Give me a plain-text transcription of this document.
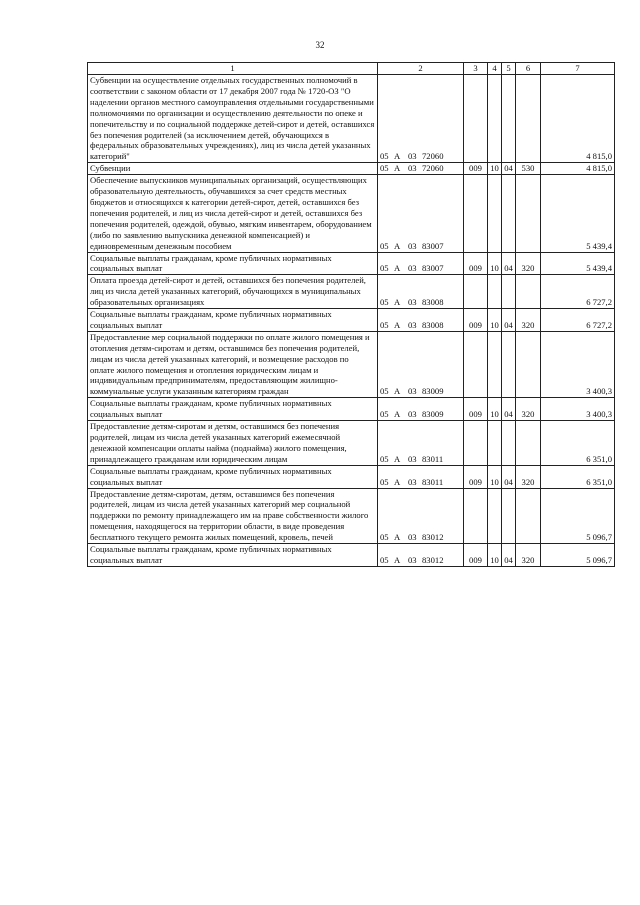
32
1	2	3	4	5	6	7
Субвенции на осуществление отдельных государственных полномочий в соответствии с законом области от 17 декабря 2007 года № 1720-ОЗ "О наделении органов местного самоуправления отдельными государственными полномочиями по организации и осуществлению деятельности по опеке и попечительству и по социальной поддержке детей-сирот и детей, оставшихся без попечения родителей (за исключением детей, обучающихся в федеральных образовательных учреждениях), лиц из числа детей указанных категорий"	05 А 03 72060					4 815,0
Субвенции	05 А 03 72060	009	10	04	530	4 815,0
Обеспечение выпускников муниципальных организаций, осуществляющих образовательную деятельность, обучавшихся за счет средств местных бюджетов и относящихся к категории детей-сирот, детей, оставшихся без попечения родителей, и лиц из числа детей-сирот и детей, оставшихся без попечения родителей, одеждой, обувью, мягким инвентарем, оборудованием (либо по заявлению выпускника денежной компенсацией) и единовременным денежным пособием	05 А 03 83007					5 439,4
Социальные выплаты гражданам, кроме публичных нормативных социальных выплат	05 А 03 83007	009	10	04	320	5 439,4
Оплата проезда детей-сирот и детей, оставшихся без попечения родителей, лиц из числа детей указанных категорий, обучающихся в муниципальных образовательных организациях	05 А 03 83008					6 727,2
Социальные выплаты гражданам, кроме публичных нормативных социальных выплат	05 А 03 83008	009	10	04	320	6 727,2
Предоставление мер социальной поддержки по оплате жилого помещения и отопления детям-сиротам и детям, оставшимся без попечения родителей, лицам из числа детей указанных категорий, и возмещение расходов по оплате жилого помещения и отопления юридическим лицам и индивидуальным предпринимателям, предоставляющим жилищно-коммунальные услуги указанным категориям граждан	05 А 03 83009					3 400,3
Социальные выплаты гражданам, кроме публичных нормативных социальных выплат	05 А 03 83009	009	10	04	320	3 400,3
Предоставление детям-сиротам и детям, оставшимся без попечения родителей, лицам из числа детей указанных категорий ежемесячной денежной компенсации оплаты найма (поднайма) жилого помещения, принадлежащего гражданам или юридическим лицам	05 А 03 83011					6 351,0
Социальные выплаты гражданам, кроме публичных нормативных социальных выплат	05 А 03 83011	009	10	04	320	6 351,0
Предоставление детям-сиротам, детям, оставшимся без попечения родителей, лицам из числа детей указанных категорий мер социальной поддержки по ремонту принадлежащего им на праве собственности жилого помещения, находящегося на территории области, в виде проведения бесплатного текущего ремонта жилых помещений, кровель, печей	05 А 03 83012					5 096,7
Социальные выплаты гражданам, кроме публичных нормативных социальных выплат	05 А 03 83012	009	10	04	320	5 096,7
